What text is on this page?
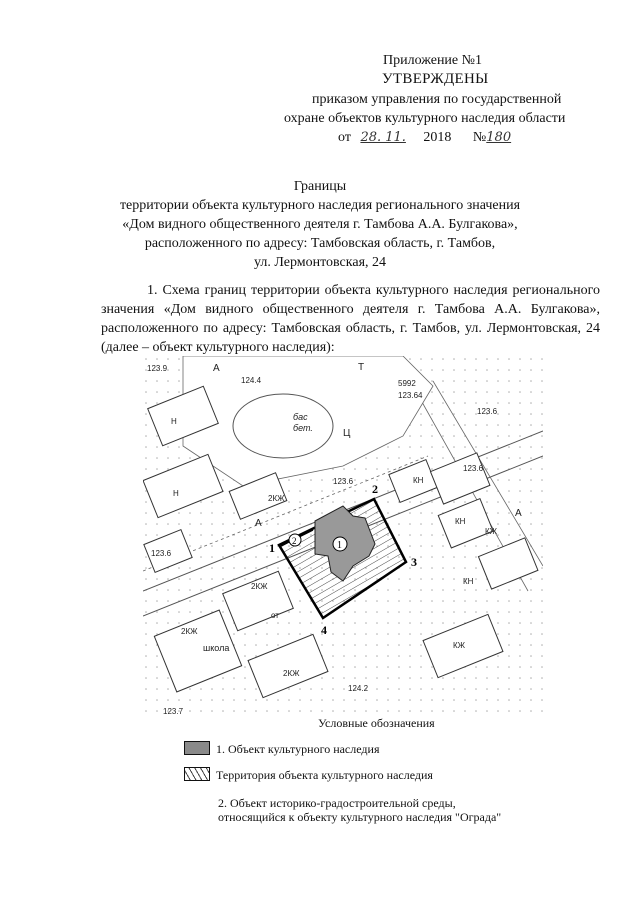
Приложение №1
УТВЕРЖДЕНЫ
приказом управления по государственной
охране объектов культурного наследия области
от 28. 11. 2018 №180
Границы
территории объекта культурного наследия регионального значения
«Дом видного общественного деятеля г. Тамбова А.А. Булгакова»,
расположенного по адресу: Тамбовская область, г. Тамбов,
ул. Лермонтовская, 24
1. Схема границ территории объекта культурного наследия регионального значения «Дом видного общественного деятеля г. Тамбова А.А. Булгакова», расположенного по адресу: Тамбовская область, г. Тамбов, ул. Лермонтовская, 24 (далее – объект культурного наследия):
1
2
1
2
3
4
123.9
124.4
123.64
5992
123.6
123.6
123.6
123.6
124.2
123.7
бас
бет.	Ц
Т
А
А
А
2КЖ
КН
КН
КЖ
2КЖ
2КЖ
2КЖ
КЖ
КН
Н
Н
школа
от
Условные обозначения
1. Объект культурного наследия
Территория объекта культурного наследия
2. Объект историко-градостроительной среды,
относящийся к объекту культурного наследия "Ограда"
